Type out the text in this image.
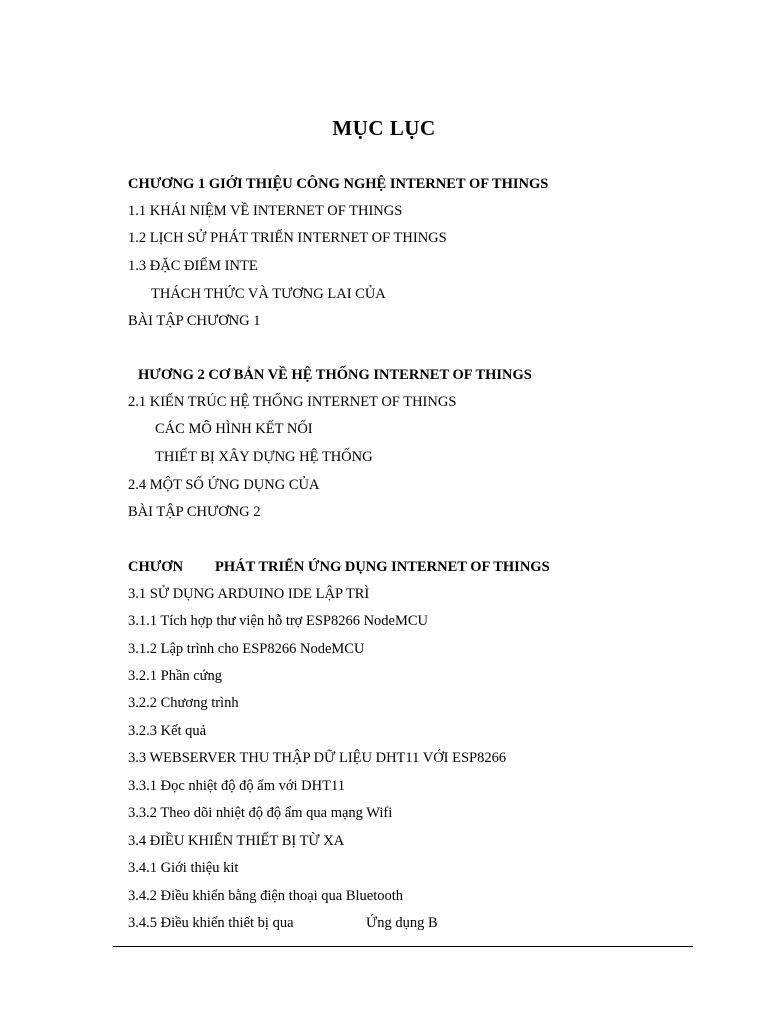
MỤC LỤC
CHƯƠNG 1 GIỚI THIỆU CÔNG NGHỆ INTERNET OF THINGS
1.1 KHÁI NIỆM VỀ INTERNET OF THINGS
1.2 LỊCH SỬ PHÁT TRIỂN INTERNET OF THINGS
1.3 ĐẶC ĐIỂM INTE
THÁCH THỨC VÀ TƯƠNG LAI CỦA
BÀI TẬP CHƯƠNG 1
HƯƠNG 2 CƠ BẢN VỀ HỆ THỐNG INTERNET OF THINGS
2.1 KIẾN TRÚC HỆ THỐNG INTERNET OF THINGS
CÁC MÔ HÌNH KẾT NỐI
THIẾT BỊ XÂY DỰNG HỆ THỐNG
2.4 MỘT SỐ ỨNG DỤNG CỦA
BÀI TẬP CHƯƠNG 2
CHƯƠN PHÁT TRIỂN ỨNG DỤNG INTERNET OF THINGS
3.1 SỬ DỤNG ARDUINO IDE LẬP TRÌ
3.1.1 Tích hợp thư viện hỗ trợ ESP8266 NodeMCU
3.1.2 Lập trình cho ESP8266 NodeMCU
3.2.1 Phần cứng
3.2.2 Chương trình
3.2.3 Kết quả
3.3 WEBSERVER THU THẬP DỮ LIỆU DHT11 VỚI ESP8266
3.3.1 Đọc nhiệt độ độ ẩm với DHT11
3.3.2 Theo dõi nhiệt độ độ ẩm qua mạng Wifi
3.4 ĐIỀU KHIỂN THIẾT BỊ TỪ XA
3.4.1 Giới thiệu kit
3.4.2 Điều khiển bằng điện thoại qua Bluetooth
3.4.5 Điều khiển thiết bị qua	Ứng dụng B
